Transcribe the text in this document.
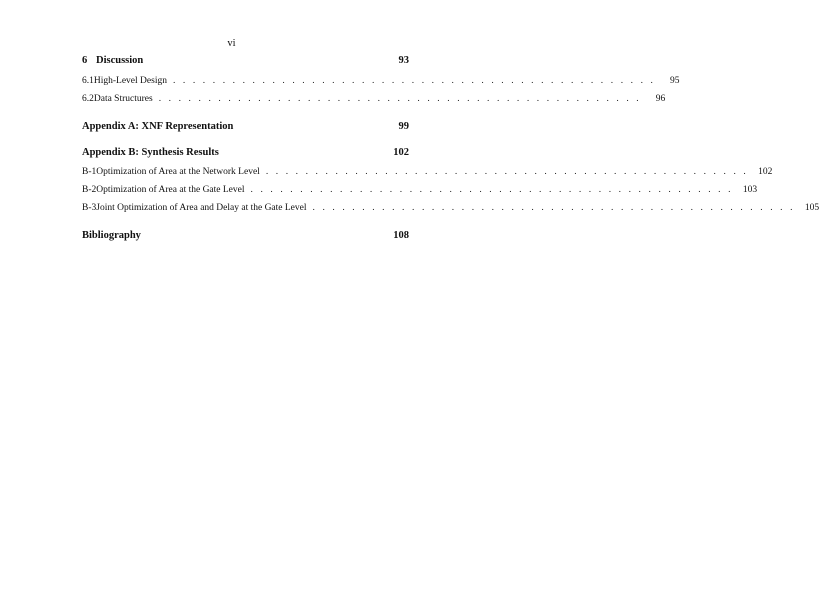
vi
6 Discussion	93
6.1 High-Level Design . . . . . . . . . . . . . . . . . . . . . . . . . . . . . . . . . . . . . . . . . . . . . . . . .	95
6.2 Data Structures . . . . . . . . . . . . . . . . . . . . . . . . . . . . . . . . . . . . . . . . . . . . . . . . .	96
Appendix A: XNF Representation	99
Appendix B: Synthesis Results	102
B-1 Optimization of Area at the Network Level . . . . . . . . . . . . . . . . . . . . . . . . . . . . . . . . . . . . . . . . . . . . . . . . .	102
B-2 Optimization of Area at the Gate Level . . . . . . . . . . . . . . . . . . . . . . . . . . . . . . . . . . . . . . . . . . . . . . . . .	103
B-3 Joint Optimization of Area and Delay at the Gate Level . . . . . . . . . . . . . . . . . . . . . . . . . . . . . . . . . . . . . . . . . . . . . . . . .	105
Bibliography	108
